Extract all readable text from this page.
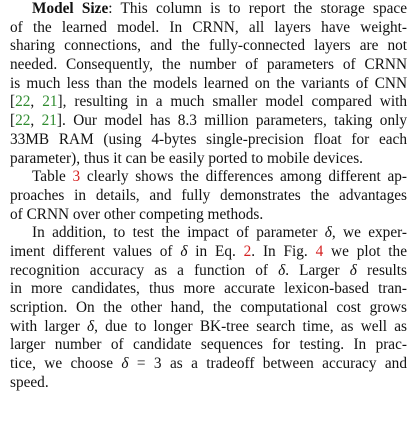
Model Size: This column is to report the storage space
of the learned model. In CRNN, all layers have weight-
sharing connections, and the fully-connected layers are not
needed. Consequently, the number of parameters of CRNN
is much less than the models learned on the variants of CNN
[22, 21], resulting in a much smaller model compared with
[22, 21]. Our model has 8.3 million parameters, taking only
33MB RAM (using 4-bytes single-precision float for each
parameter), thus it can be easily ported to mobile devices.
Table 3 clearly shows the differences among different ap-
proaches in details, and fully demonstrates the advantages
of CRNN over other competing methods.
In addition, to test the impact of parameter δ, we exper-
iment different values of δ in Eq. 2. In Fig. 4 we plot the
recognition accuracy as a function of δ. Larger δ results
in more candidates, thus more accurate lexicon-based tran-
scription. On the other hand, the computational cost grows
with larger δ, due to longer BK-tree search time, as well as
larger number of candidate sequences for testing. In prac-
tice, we choose δ = 3 as a tradeoff between accuracy and
speed.
